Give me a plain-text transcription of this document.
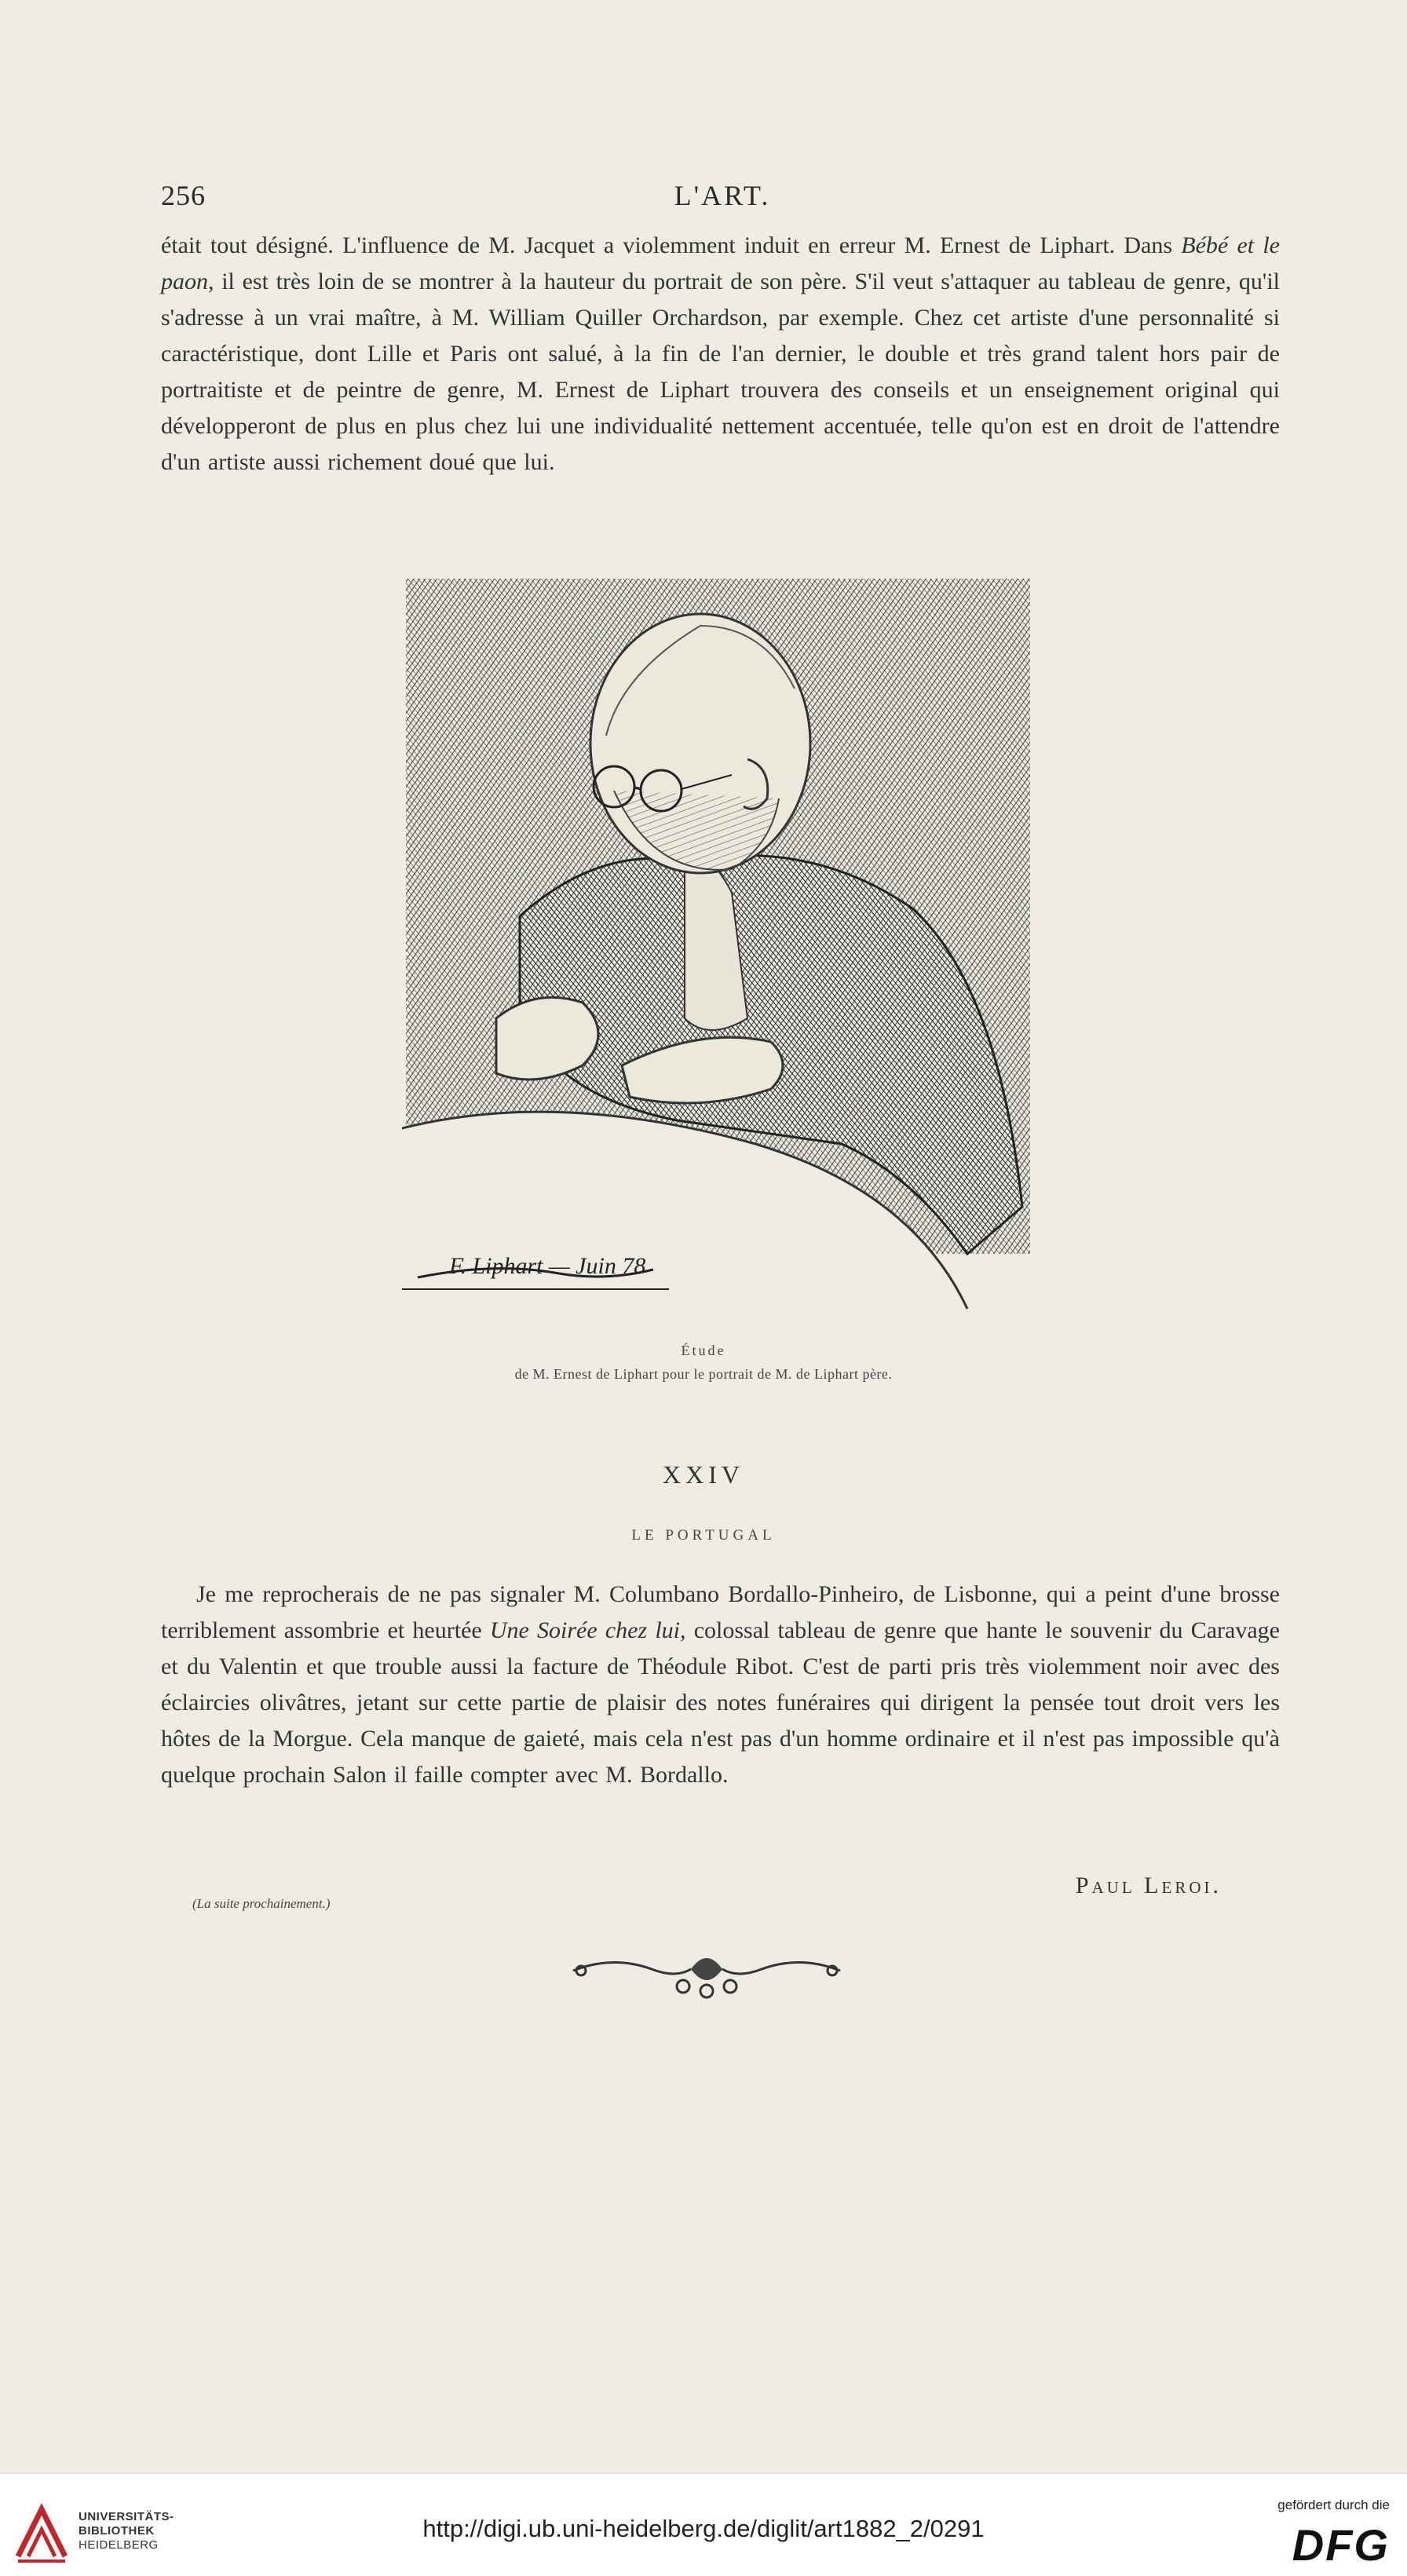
256	L'ART.
était tout désigné. L'influence de M. Jacquet a violemment induit en erreur M. Ernest de Liphart. Dans Bébé et le paon, il est très loin de se montrer à la hauteur du portrait de son père. S'il veut s'attaquer au tableau de genre, qu'il s'adresse à un vrai maître, à M. William Quiller Orchardson, par exemple. Chez cet artiste d'une personnalité si caractéristique, dont Lille et Paris ont salué, à la fin de l'an dernier, le double et très grand talent hors pair de portraitiste et de peintre de genre, M. Ernest de Liphart trouvera des conseils et un enseignement original qui développeront de plus en plus chez lui une individualité nettement accentuée, telle qu'on est en droit de l'attendre d'un artiste aussi richement doué que lui.
F. Liphart — Juin 78
Étude
de M. Ernest de Liphart pour le portrait de M. de Liphart père.
XXIV
LE PORTUGAL
Je me reprocherais de ne pas signaler M. Columbano Bordallo-Pinheiro, de Lisbonne, qui a peint d'une brosse terriblement assombrie et heurtée Une Soirée chez lui, colossal tableau de genre que hante le souvenir du Caravage et du Valentin et que trouble aussi la facture de Théodule Ribot. C'est de parti pris très violemment noir avec des éclaircies olivâtres, jetant sur cette partie de plaisir des notes funéraires qui dirigent la pensée tout droit vers les hôtes de la Morgue. Cela manque de gaieté, mais cela n'est pas d'un homme ordinaire et il n'est pas impossible qu'à quelque prochain Salon il faille compter avec M. Bordallo.
Paul Leroi.
(La suite prochainement.)
UNIVERSITÄTS-
BIBLIOTHEK
HEIDELBERG
http://digi.ub.uni-heidelberg.de/diglit/art1882_2/0291
gefördert durch die
DFG
